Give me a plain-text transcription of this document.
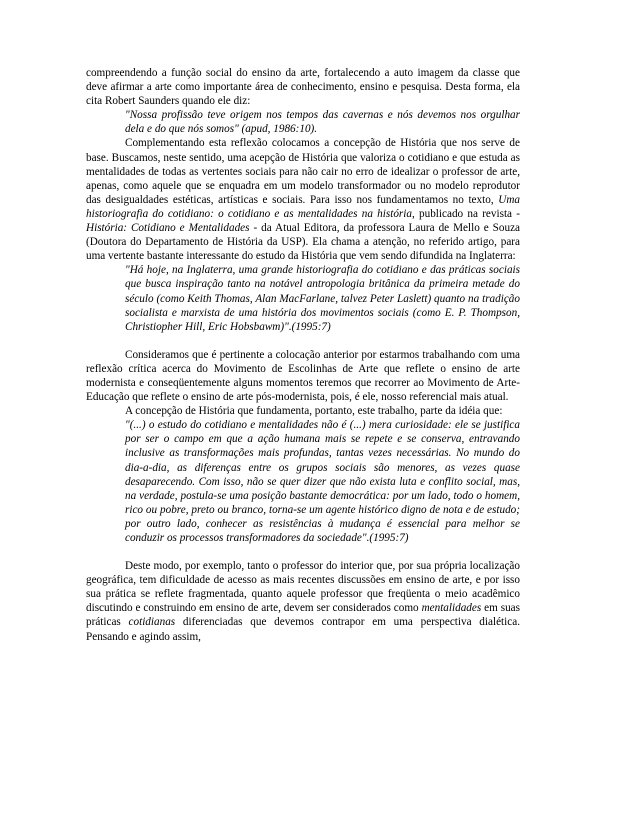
compreendendo a função social do ensino da arte, fortalecendo a auto imagem da classe que deve afirmar a arte como importante área de conhecimento, ensino e pesquisa. Desta forma, ela cita Robert Saunders quando ele diz:

"Nossa profissão teve origem nos tempos das cavernas e nós devemos nos orgulhar dela e do que nós somos" (apud, 1986:10).

Complementando esta reflexão colocamos a concepção de História que nos serve de base. Buscamos, neste sentido, uma acepção de História que valoriza o cotidiano e que estuda as mentalidades de todas as vertentes sociais para não cair no erro de idealizar o professor de arte, apenas, como aquele que se enquadra em um modelo transformador ou no modelo reprodutor das desigualdades estéticas, artísticas e sociais. Para isso nos fundamentamos no texto, Uma historiografia do cotidiano: o cotidiano e as mentalidades na história, publicado na revista - História: Cotidiano e Mentalidades - da Atual Editora, da professora Laura de Mello e Souza (Doutora do Departamento de História da USP). Ela chama a atenção, no referido artigo, para uma vertente bastante interessante do estudo da História que vem sendo difundida na Inglaterra:

"Há hoje, na Inglaterra, uma grande historiografia do cotidiano e das práticas sociais que busca inspiração tanto na notável antropologia britânica da primeira metade do século (como Keith Thomas, Alan MacFarlane, talvez Peter Laslett) quanto na tradição socialista e marxista de uma história dos movimentos sociais (como E. P. Thompson, Christiopher Hill, Eric Hobsbawm)".(1995:7)

Consideramos que é pertinente a colocação anterior por estarmos trabalhando com uma reflexão crítica acerca do Movimento de Escolinhas de Arte que reflete o ensino de arte modernista e conseqüentemente alguns momentos teremos que recorrer ao Movimento de Arte-Educação que reflete o ensino de arte pós-modernista, pois, é ele, nosso referencial mais atual.

A concepção de História que fundamenta, portanto, este trabalho, parte da idéia que:

"(...) o estudo do cotidiano e mentalidades não é (...) mera curiosidade: ele se justifica por ser o campo em que a ação humana mais se repete e se conserva, entravando inclusive as transformações mais profundas, tantas vezes necessárias. No mundo do dia-a-dia, as diferenças entre os grupos sociais são menores, as vezes quase desaparecendo. Com isso, não se quer dizer que não exista luta e conflito social, mas, na verdade, postula-se uma posição bastante democrática: por um lado, todo o homem, rico ou pobre, preto ou branco, torna-se um agente histórico digno de nota e de estudo; por outro lado, conhecer as resistências à mudança é essencial para melhor se conduzir os processos transformadores da sociedade".(1995:7)

Deste modo, por exemplo, tanto o professor do interior que, por sua própria localização geográfica, tem dificuldade de acesso as mais recentes discussões em ensino de arte, e por isso sua prática se reflete fragmentada, quanto aquele professor que freqüenta o meio acadêmico discutindo e construindo em ensino de arte, devem ser considerados como mentalidades em suas práticas cotidianas diferenciadas que devemos contrapor em uma perspectiva dialética. Pensando e agindo assim,
